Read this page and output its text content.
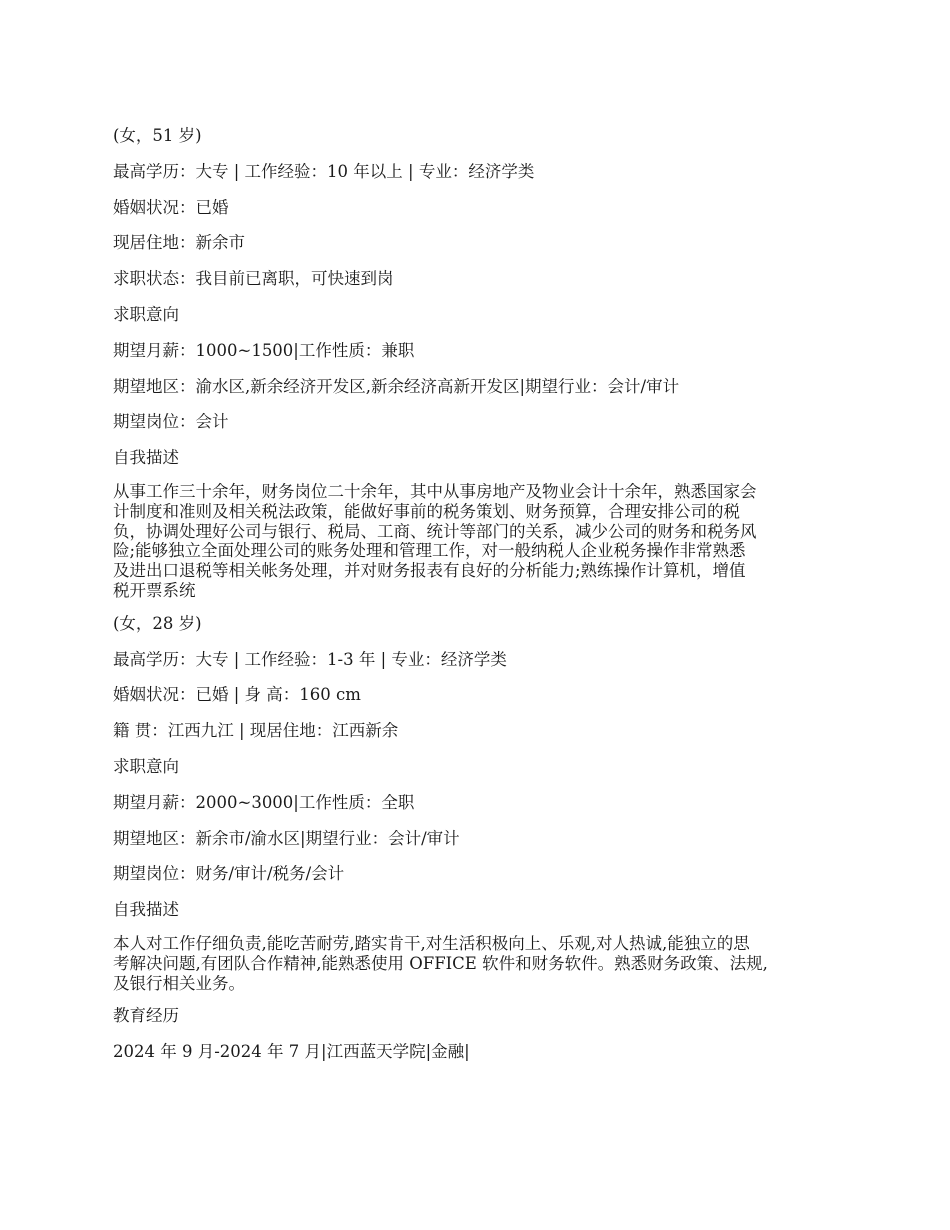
(女，51 岁)
最高学历：大专 | 工作经验：10 年以上 | 专业：经济学类
婚姻状况：已婚
现居住地：新余市
求职状态：我目前已离职，可快速到岗
求职意向
期望月薪：1000~1500|工作性质：兼职
期望地区：渝水区,新余经济开发区,新余经济高新开发区|期望行业：会计/审计
期望岗位：会计
自我描述
从事工作三十余年，财务岗位二十余年，其中从事房地产及物业会计十余年，熟悉国家会
计制度和准则及相关税法政策，能做好事前的税务策划、财务预算，合理安排公司的税
负，协调处理好公司与银行、税局、工商、统计等部门的关系，减少公司的财务和税务风
险;能够独立全面处理公司的账务处理和管理工作，对一般纳税人企业税务操作非常熟悉
及进出口退税等相关帐务处理，并对财务报表有良好的分析能力;熟练操作计算机，增值
税开票系统
(女，28 岁)
最高学历：大专 | 工作经验：1-3 年 | 专业：经济学类
婚姻状况：已婚 | 身 高：160 cm
籍 贯：江西九江 | 现居住地：江西新余
求职意向
期望月薪：2000~3000|工作性质：全职
期望地区：新余市/渝水区|期望行业：会计/审计
期望岗位：财务/审计/税务/会计
自我描述
本人对工作仔细负责,能吃苦耐劳,踏实肯干,对生活积极向上、乐观,对人热诚,能独立的思
考解决问题,有团队合作精神,能熟悉使用 OFFICE 软件和财务软件。熟悉财务政策、法规,
及银行相关业务。
教育经历
2024 年 9 月-2024 年 7 月|江西蓝天学院|金融|
